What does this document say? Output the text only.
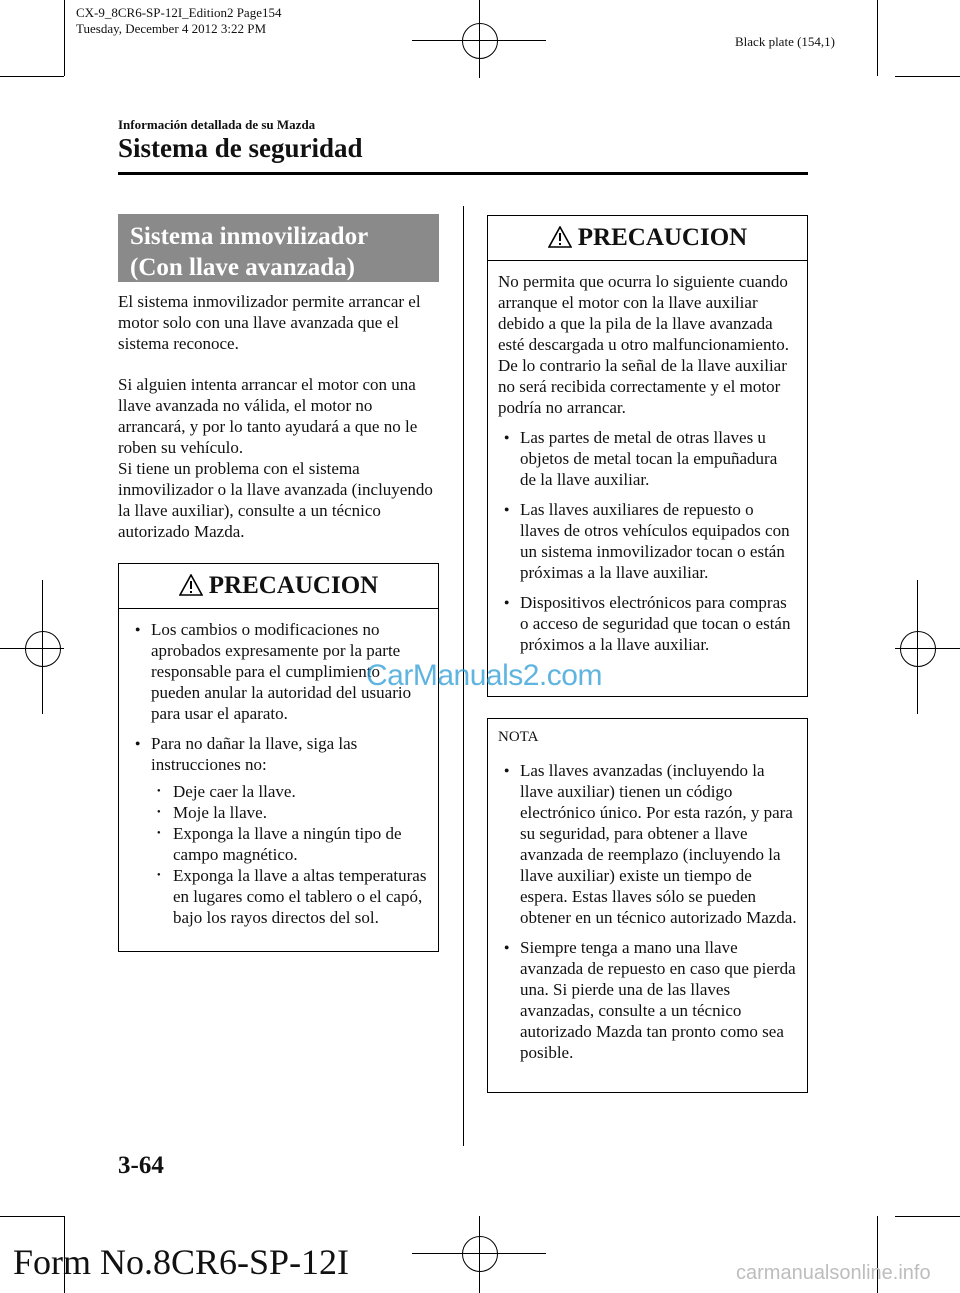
CX-9_8CR6-SP-12I_Edition2 Page154
Tuesday, December 4 2012 3:22 PM
Black plate (154,1)
Información detallada de su Mazda
Sistema de seguridad
Sistema inmovilizador
(Con llave avanzada)

El sistema inmovilizador permite arrancar el motor solo con una llave avanzada que el sistema reconoce.

Si alguien intenta arrancar el motor con una llave avanzada no válida, el motor no arrancará, y por lo tanto ayudará a que no le roben su vehículo.

Si tiene un problema con el sistema inmovilizador o la llave avanzada (incluyendo la llave auxiliar), consulte a un técnico autorizado Mazda.

PRECAUCION
● Los cambios o modificaciones no aprobados expresamente por la parte responsable para el cumplimiento pueden anular la autoridad del usuario para usar el aparato.
● Para no dañar la llave, siga las instrucciones no:
● Deje caer la llave.
● Moje la llave.
● Exponga la llave a ningún tipo de campo magnético.
● Exponga la llave a altas temperaturas en lugares como el tablero o el capó, bajo los rayos directos del sol.
PRECAUCION

No permita que ocurra lo siguiente cuando arranque el motor con la llave auxiliar debido a que la pila de la llave avanzada esté descargada u otro malfuncionamiento. De lo contrario la señal de la llave auxiliar no será recibida correctamente y el motor podría no arrancar.

● Las partes de metal de otras llaves u objetos de metal tocan la empuñadura de la llave auxiliar.
● Las llaves auxiliares de repuesto o llaves de otros vehículos equipados con un sistema inmovilizador tocan o están próximas a la llave auxiliar.
● Dispositivos electrónicos para compras o acceso de seguridad que tocan o están próximos a la llave auxiliar.
NOTA
● Las llaves avanzadas (incluyendo la llave auxiliar) tienen un código electrónico único. Por esta razón, y para su seguridad, para obtener a llave avanzada de reemplazo (incluyendo la llave auxiliar) existe un tiempo de espera. Estas llaves sólo se pueden obtener en un técnico autorizado Mazda.
● Siempre tenga a mano una llave avanzada de repuesto en caso que pierda una. Si pierde una de las llaves avanzadas, consulte a un técnico autorizado Mazda tan pronto como sea posible.
CarManuals2.com
3-64
Form No.8CR6-SP-12I	carmanualsonline.info
